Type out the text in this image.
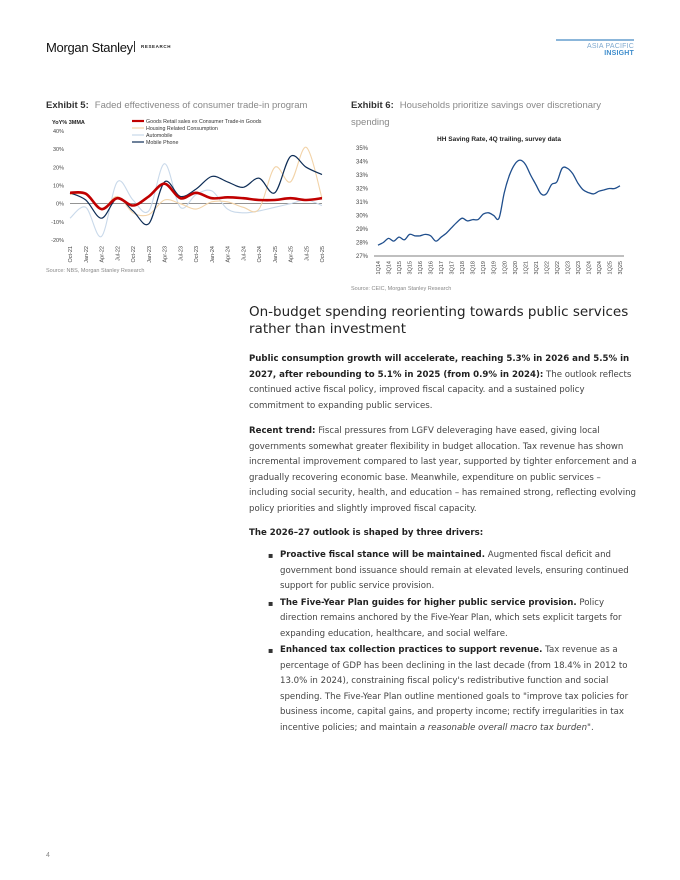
Morgan Stanley RESEARCH	ASIA PACIFIC INSIGHT
Exhibit 5: Faded effectiveness of consumer trade-in program
YoY% 3MMA
-20%
-10%
0%
10%
20%
30%
40%
Oct-21 Jan-22 Apr-22 Jul-22 Oct-22 Jan-23 Apr-23 Jul-23 Oct-23 Jan-24 Apr-24 Jul-24 Oct-24 Jan-25 Apr-25 Jul-25 Oct-25
Goods Retail sales ex Consumer Trade-in Goods
Housing Related Consumption
Automobile
Mobile Phone
Source: NBS, Morgan Stanley Research
Exhibit 6: Households prioritize savings over discretionary spending
HH Saving Rate, 4Q trailing, survey data
27%
28%
29%
30%
31%
32%
33%
34%
35%
1Q14 3Q14 1Q15 3Q15 1Q16 3Q16 1Q17 3Q17 1Q18 3Q18 1Q19 3Q19 1Q20 3Q20 1Q21 3Q21 1Q22 3Q22 1Q23 3Q23 1Q24 3Q24 1Q25 3Q25
Source: CEIC, Morgan Stanley Research
On-budget spending reorienting towards public services rather than investment

Public consumption growth will accelerate, reaching 5.3% in 2026 and 5.5% in 2027, after rebounding to 5.1% in 2025 (from 0.9% in 2024): The outlook reflects continued active fiscal policy, improved fiscal capacity. and a sustained policy commitment to expanding public services.

Recent trend: Fiscal pressures from LGFV deleveraging have eased, giving local governments somewhat greater flexibility in budget allocation. Tax revenue has shown incremental improvement compared to last year, supported by tighter enforcement and a gradually recovering economic base. Meanwhile, expenditure on public services – including social security, health, and education – has remained strong, reflecting evolving policy priorities and slightly improved fiscal capacity.

The 2026–27 outlook is shaped by three drivers:

▪ Proactive fiscal stance will be maintained. Augmented fiscal deficit and government bond issuance should remain at elevated levels, ensuring continued support for public service provision.
▪ The Five-Year Plan guides for higher public service provision. Policy direction remains anchored by the Five-Year Plan, which sets explicit targets for expanding education, healthcare, and social welfare.
▪ Enhanced tax collection practices to support revenue. Tax revenue as a percentage of GDP has been declining in the last decade (from 18.4% in 2012 to 13.0% in 2024), constraining fiscal policy's redistributive function and social spending. The Five-Year Plan outline mentioned goals to "improve tax policies for business income, capital gains, and property income; rectify irregularities in tax incentive policies; and maintain a reasonable overall macro tax burden".
4
